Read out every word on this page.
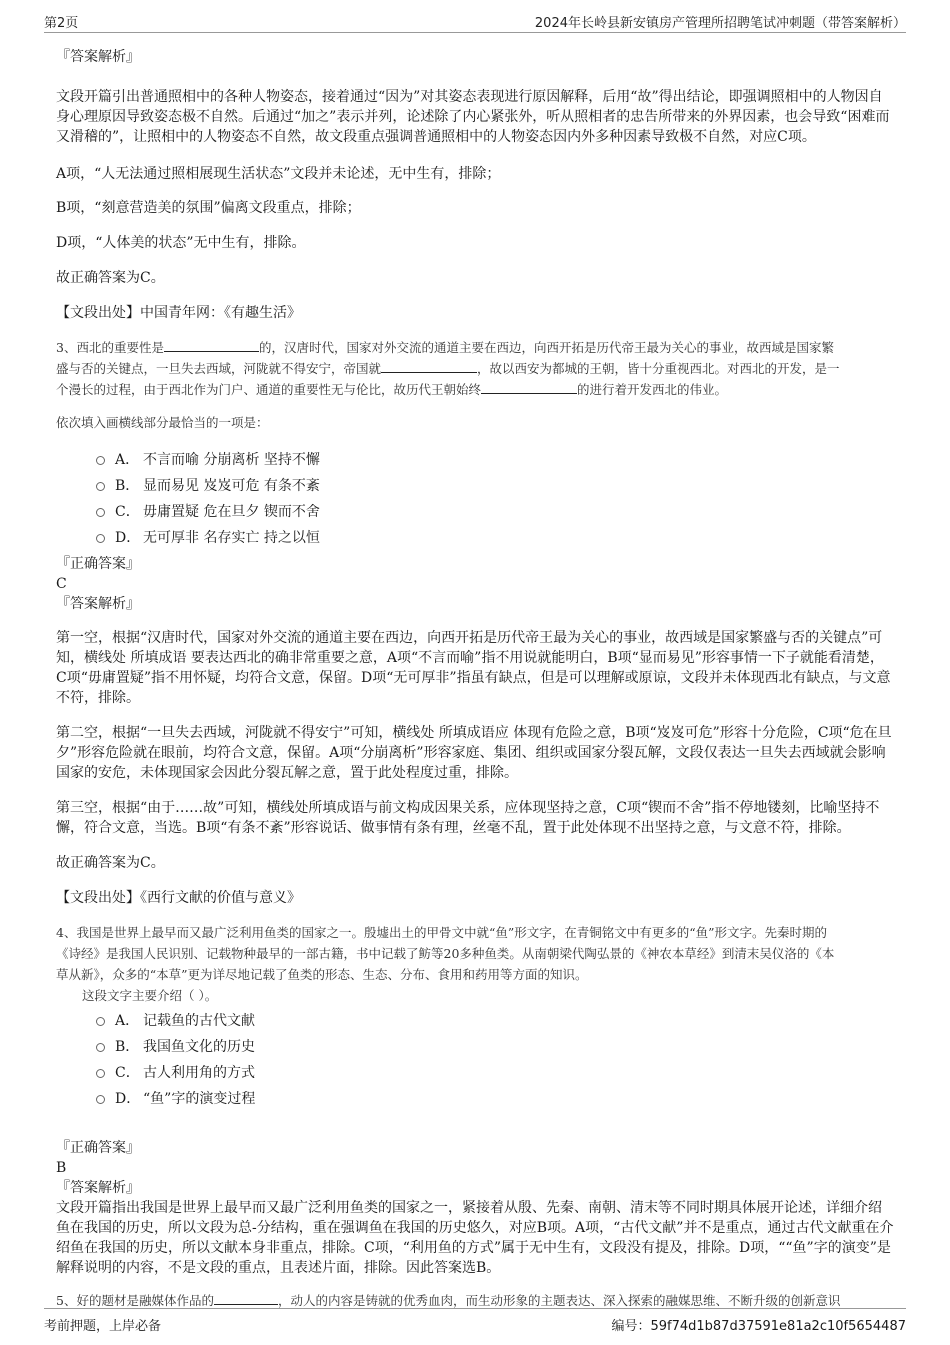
第2页	2024年长岭县新安镇房产管理所招聘笔试冲刺题（带答案解析）
『答案解析』

文段开篇引出普通照相中的各种人物姿态，接着通过“因为”对其姿态表现进行原因解释，后用“故”得出结论，即强调照相中的人物因自身心理原因导致姿态极不自然。后通过“加之”表示并列，论述除了内心紧张外，听从照相者的忠告所带来的外界因素，也会导致“困难而又滑稽的”，让照相中的人物姿态不自然，故文段重点强调普通照相中的人物姿态因内外多种因素导致极不自然，对应C项。

A项，“人无法通过照相展现生活状态”文段并未论述，无中生有，排除；

B项，“刻意营造美的氛围”偏离文段重点，排除；

D项，“人体美的状态”无中生有，排除。

故正确答案为C。

【文段出处】中国青年网：《有趣生活》

3、西北的重要性是	的，汉唐时代，国家对外交流的通道主要在西边，向西开拓是历代帝王最为关心的事业，故西域是国家繁
盛与否的关键点，一旦失去西域，河陇就不得安宁，帝国就	，故以西安为都城的王朝，皆十分重视西北。对西北的开发，是一
个漫长的过程，由于西北作为门户、通道的重要性无与伦比，故历代王朝始终	的进行着开发西北的伟业。
依次填入画横线部分最恰当的一项是：
A． 不言而喻 分崩离析 坚持不懈
B． 显而易见 岌岌可危 有条不紊
C． 毋庸置疑 危在旦夕 锲而不舍
D． 无可厚非 名存实亡 持之以恒
『正确答案』
C
『答案解析』

第一空，根据“汉唐时代，国家对外交流的通道主要在西边，向西开拓是历代帝王最为关心的事业，故西域是国家繁盛与否的关键点”可知，横线处 所填成语 要表达西北的确非常重要之意，A项“不言而喻”指不用说就能明白，B项“显而易见”形容事情一下子就能看清楚，C项“毋庸置疑”指不用怀疑，均符合文意，保留。D项“无可厚非”指虽有缺点，但是可以理解或原谅，文段并未体现西北有缺点，与文意不符，排除。

第二空，根据“一旦失去西域，河陇就不得安宁”可知，横线处 所填成语应 体现有危险之意，B项“岌岌可危”形容十分危险，C项“危在旦夕”形容危险就在眼前，均符合文意，保留。A项“分崩离析”形容家庭、集团、组织或国家分裂瓦解，文段仅表达一旦失去西域就会影响国家的安危，未体现国家会因此分裂瓦解之意，置于此处程度过重，排除。

第三空，根据“由于……故”可知，横线处所填成语与前文构成因果关系，应体现坚持之意，C项“锲而不舍”指不停地镂刻，比喻坚持不懈，符合文意，当选。B项“有条不紊”形容说话、做事情有条有理，丝毫不乱，置于此处体现不出坚持之意，与文意不符，排除。

故正确答案为C。

【文段出处】《西行文献的价值与意义》

4、我国是世界上最早而又最广泛利用鱼类的国家之一。殷墟出土的甲骨文中就“鱼”形文字，在青铜铭文中有更多的“鱼”形文字。先秦时期的
《诗经》是我国人民识别、记载物种最早的一部古籍，书中记载了鲂等20多种鱼类。从南朝梁代陶弘景的《神农本草经》到清末吴仪洛的《本
草从新》，众多的“本草”更为详尽地记载了鱼类的形态、生态、分布、食用和药用等方面的知识。
这段文字主要介绍（ ）。
A． 记载鱼的古代文献
B． 我国鱼文化的历史
C． 古人利用角的方式
D． “鱼”字的演变过程
『正确答案』
B
『答案解析』

文段开篇指出我国是世界上最早而又最广泛利用鱼类的国家之一，紧接着从殷、先秦、南朝、清末等不同时期具体展开论述，详细介绍鱼在我国的历史，所以文段为总-分结构，重在强调鱼在我国的历史悠久，对应B项。A项，“古代文献”并不是重点，通过古代文献重在介绍鱼在我国的历史，所以文献本身非重点，排除。C项，“利用鱼的方式”属于无中生有，文段没有提及，排除。D项，““鱼”字的演变”是解释说明的内容，不是文段的重点，且表述片面，排除。因此答案选B。

5、好的题材是融媒体作品的	，动人的内容是铸就的优秀血肉，而生动形象的主题表达、深入探索的融媒思维、不断升级的创新意识
考前押题，上岸必备	编号：59f74d1b87d37591e81a2c10f5654487
